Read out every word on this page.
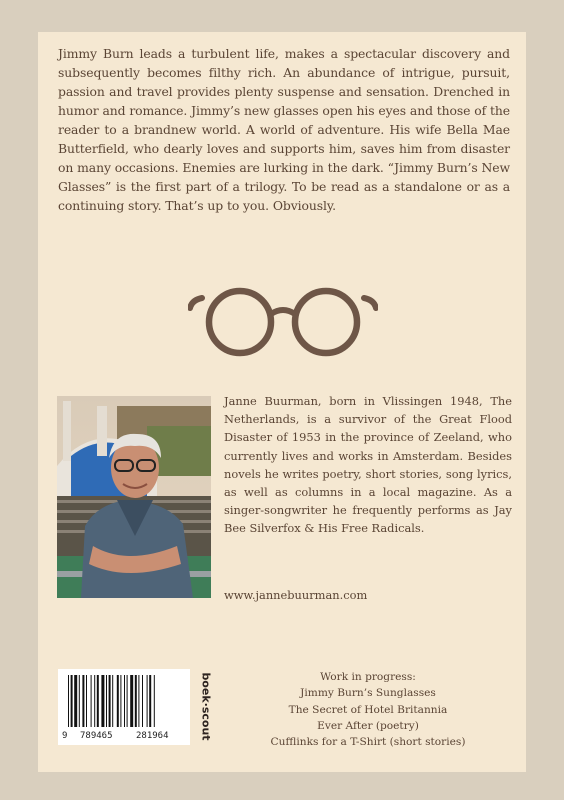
Jimmy Burn leads a turbulent life, makes a spectacular discovery and subsequently becomes filthy rich. An abundance of intrigue, pursuit, passion and travel provides plenty suspense and sensation. Drenched in humor and romance. Jimmy’s new glasses open his eyes and those of the reader to a brandnew world. A world of adventure. His wife Bella Mae Butterfield, who dearly loves and supports him, saves him from disaster on many occasions. Enemies are lurking in the dark. “Jimmy Burn’s New Glasses” is the first part of a trilogy. To be read as a standalone or as a continuing story. That’s up to you. Obviously.

Janne Buurman, born in Vlissingen 1948, The Netherlands, is a survivor of the Great Flood Disaster of 1953 in the province of Zeeland, who currently lives and works in Amsterdam. Besides novels he writes poetry, short stories, song lyrics, as well as columns in a local magazine. As a singer-songwriter he frequently performs as Jay Bee Silverfox & His Free Radicals.

www.jannebuurman.com

9 789465	281964	boek·scout	Work in progress:
Jimmy Burn’s Sunglasses
The Secret of Hotel Britannia
Ever After (poetry)
Cufflinks for a T-Shirt (short stories)
